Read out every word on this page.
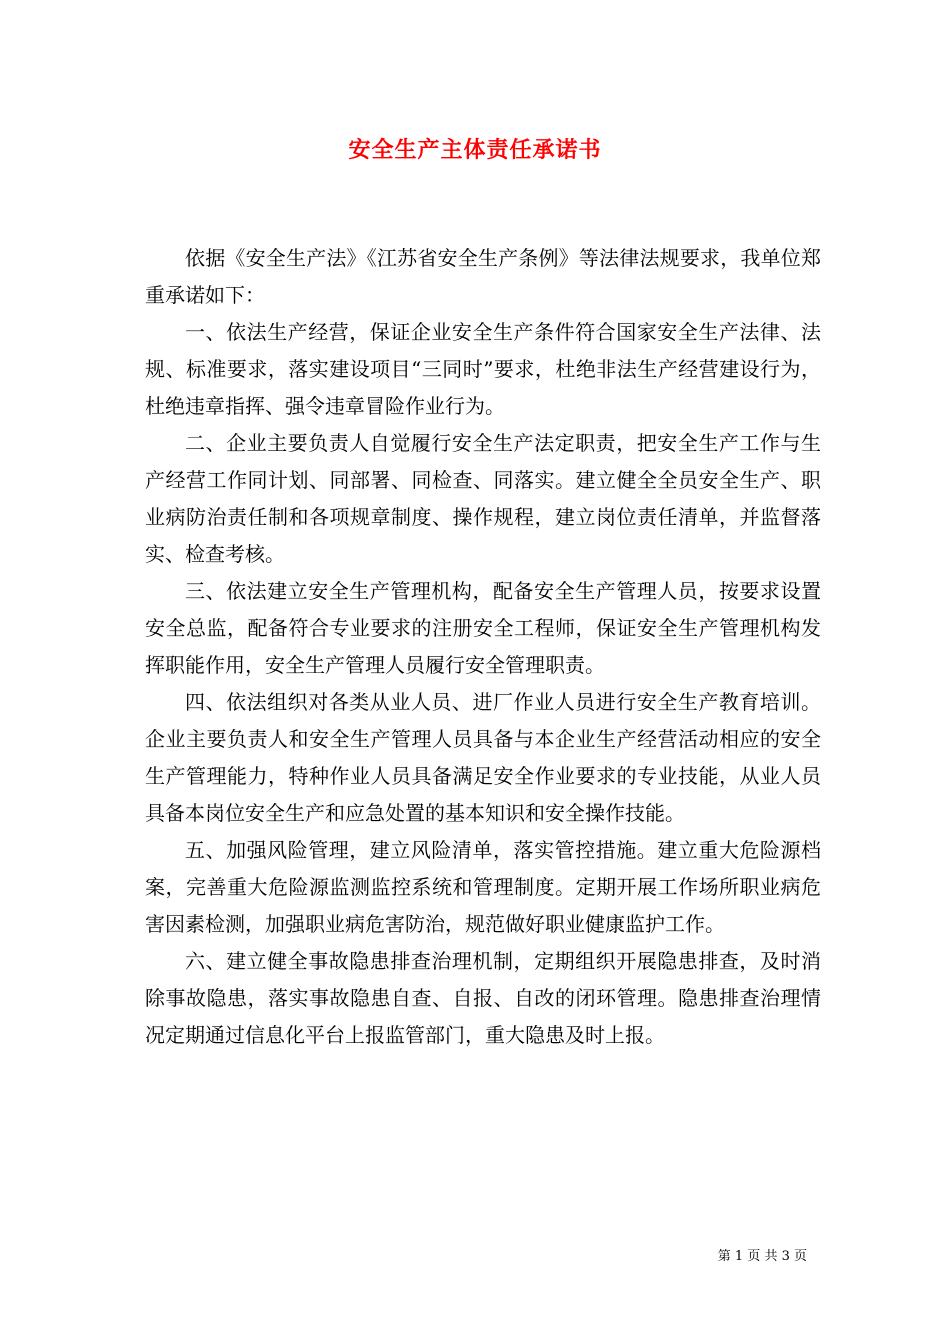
安全生产主体责任承诺书

依据《安全生产法》《江苏省安全生产条例》等法律法规要求，我单位郑重承诺如下：

一、依法生产经营，保证企业安全生产条件符合国家安全生产法律、法规、标准要求，落实建设项目“三同时”要求，杜绝非法生产经营建设行为，杜绝违章指挥、强令违章冒险作业行为。

二、企业主要负责人自觉履行安全生产法定职责，把安全生产工作与生产经营工作同计划、同部署、同检查、同落实。建立健全全员安全生产、职业病防治责任制和各项规章制度、操作规程，建立岗位责任清单，并监督落实、检查考核。

三、依法建立安全生产管理机构，配备安全生产管理人员，按要求设置安全总监，配备符合专业要求的注册安全工程师，保证安全生产管理机构发挥职能作用，安全生产管理人员履行安全管理职责。

四、依法组织对各类从业人员、进厂作业人员进行安全生产教育培训。企业主要负责人和安全生产管理人员具备与本企业生产经营活动相应的安全生产管理能力，特种作业人员具备满足安全作业要求的专业技能，从业人员具备本岗位安全生产和应急处置的基本知识和安全操作技能。

五、加强风险管理，建立风险清单，落实管控措施。建立重大危险源档案，完善重大危险源监测监控系统和管理制度。定期开展工作场所职业病危害因素检测，加强职业病危害防治，规范做好职业健康监护工作。

六、建立健全事故隐患排查治理机制，定期组织开展隐患排查，及时消除事故隐患，落实事故隐患自查、自报、自改的闭环管理。隐患排查治理情况定期通过信息化平台上报监管部门，重大隐患及时上报。

第 1 页 共 3 页
